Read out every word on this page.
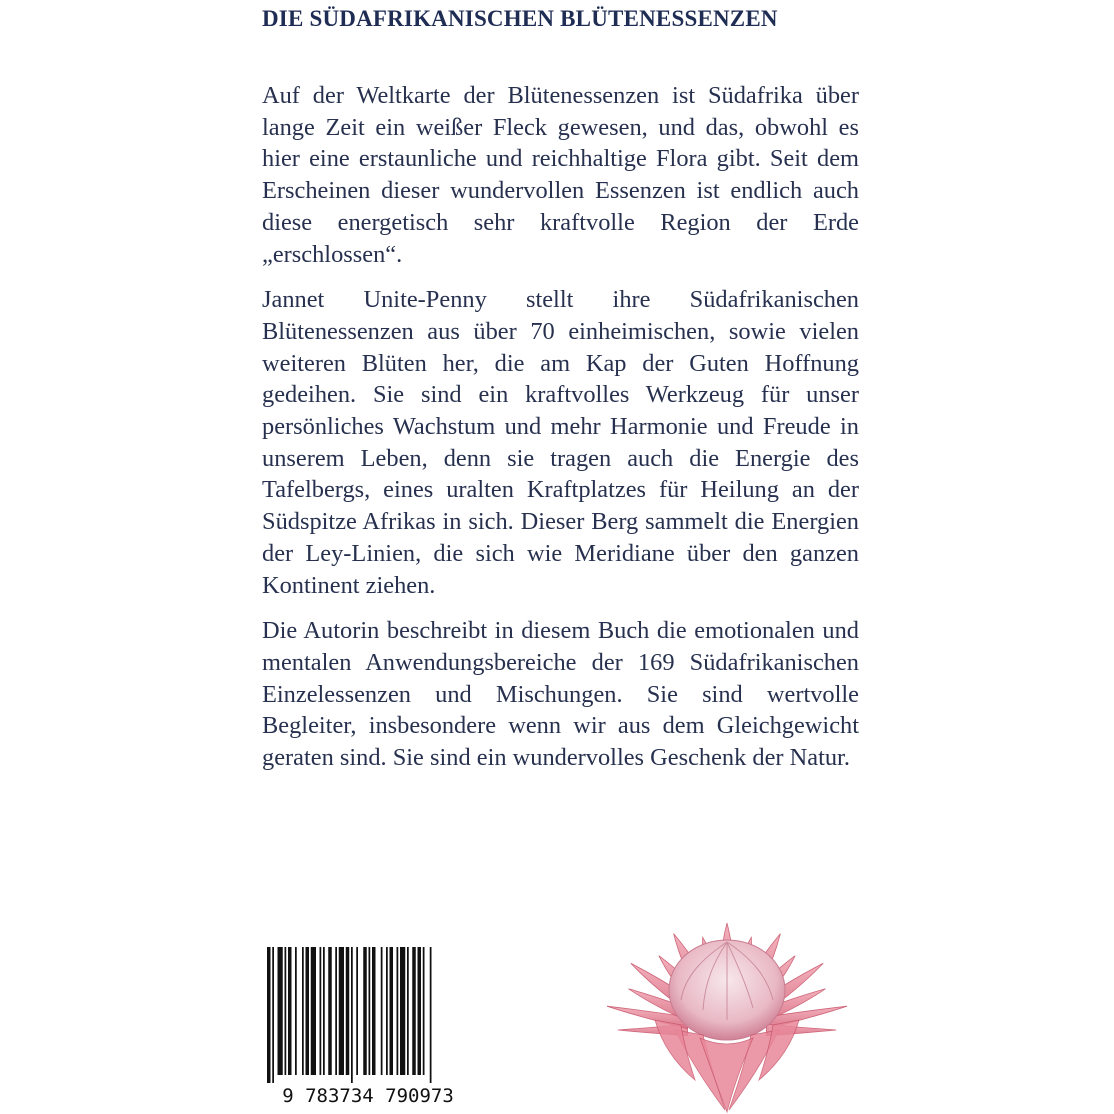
DIE SÜDAFRIKANISCHEN BLÜTENESSENZEN

Auf der Weltkarte der Blütenessenzen ist Südafrika über lange Zeit ein weißer Fleck gewesen, und das, obwohl es hier eine erstaunliche und reichhaltige Flora gibt. Seit dem Erscheinen dieser wundervollen Essenzen ist endlich auch diese energetisch sehr kraftvolle Region der Erde „erschlossen“.

Jannet Unite-Penny stellt ihre Südafrikanischen Blütenessenzen aus über 70 einheimischen, sowie vielen weiteren Blüten her, die am Kap der Guten Hoffnung gedeihen. Sie sind ein kraftvolles Werkzeug für unser persönliches Wachstum und mehr Harmonie und Freude in unserem Leben, denn sie tragen auch die Energie des Tafelbergs, eines uralten Kraftplatzes für Heilung an der Südspitze Afrikas in sich. Dieser Berg sammelt die Energien der Ley-Linien, die sich wie Meridiane über den ganzen Kontinent ziehen.

Die Autorin beschreibt in diesem Buch die emotionalen und mentalen Anwendungsbereiche der 169 Südafrikanischen Einzelessenzen und Mischungen. Sie sind wertvolle Begleiter, insbesondere wenn wir aus dem Gleichgewicht geraten sind. Sie sind ein wundervolles Geschenk der Natur.

9 783734 790973
